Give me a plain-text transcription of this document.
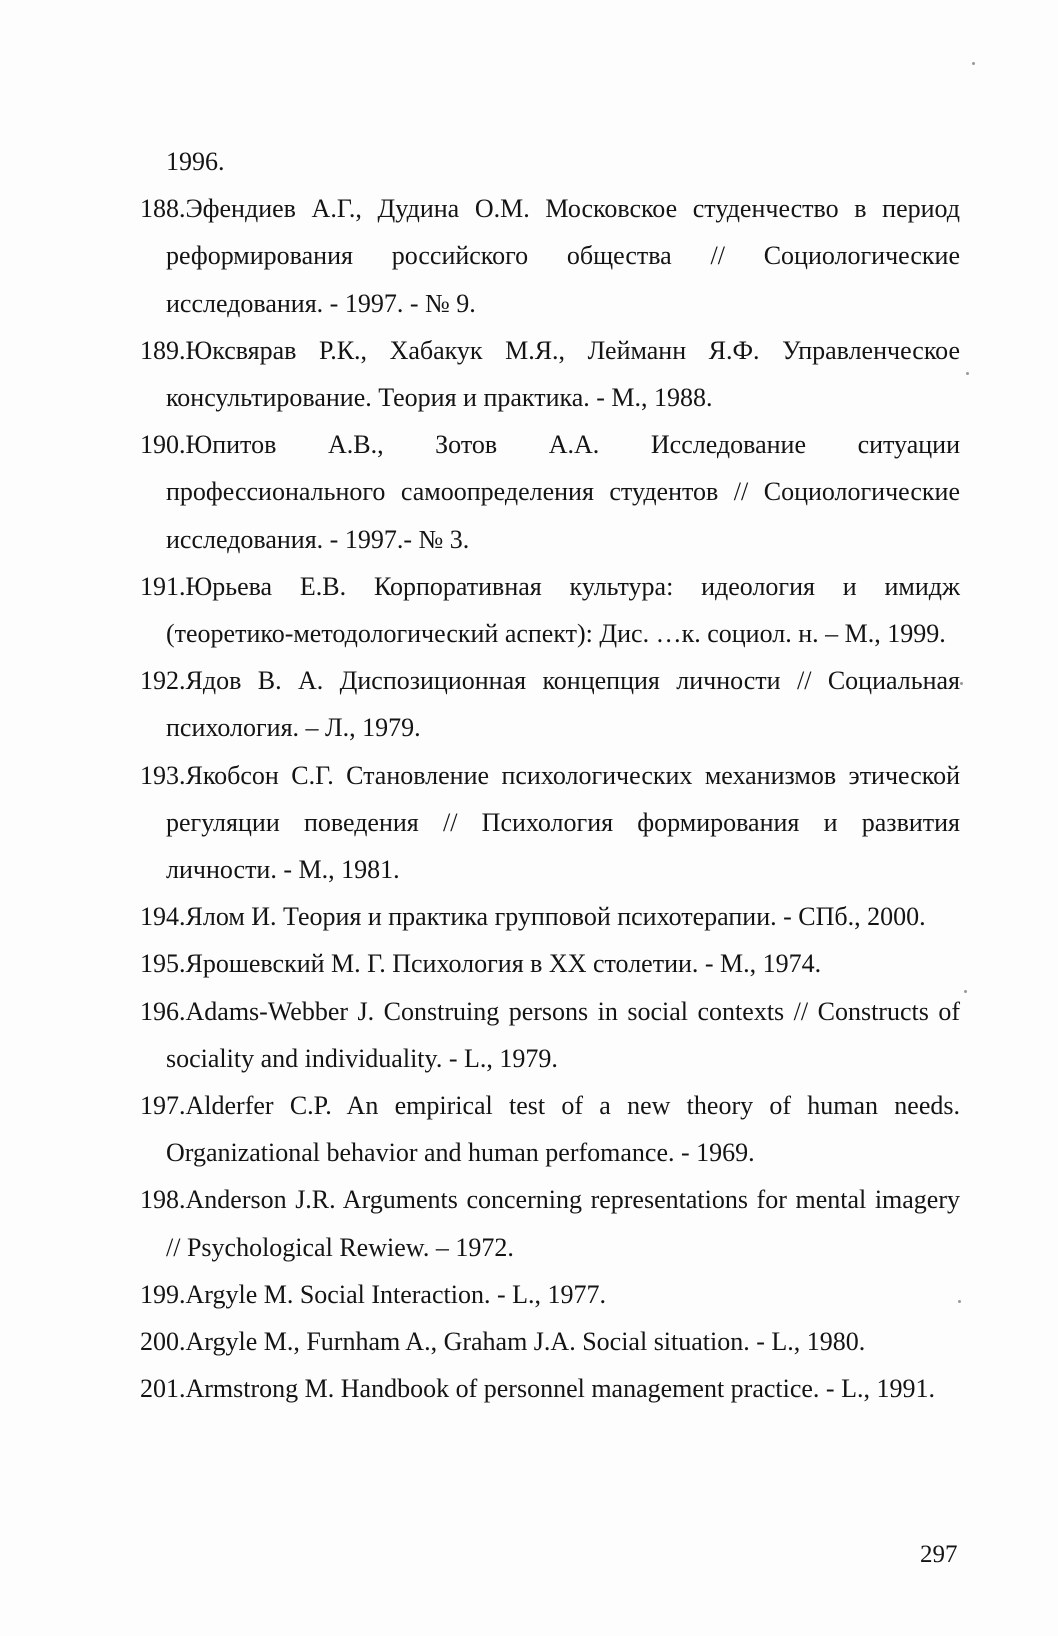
1996.
188.Эфендиев А.Г., Дудина О.М. Московское студенчество в период реформирования российского общества // Социологические исследования. - 1997. - № 9.
189.Юксвярав Р.К., Хабакук М.Я., Лейманн Я.Ф. Управленческое консультирование. Теория и практика. - М., 1988.
190.Юпитов А.В., Зотов А.А. Исследование ситуации профессионального самоопределения студентов // Социологические исследования. - 1997.- № 3.
191.Юрьева Е.В. Корпоративная культура: идеология и имидж (теоретико-методологический аспект): Дис. …к. социол. н. – М., 1999.
192.Ядов В. А. Диспозиционная концепция личности // Социальная психология. – Л., 1979.
193.Якобсон С.Г. Становление психологических механизмов этической регуляции поведения // Психология формирования и развития личности. - М., 1981.
194.Ялом И. Теория и практика групповой психотерапии. - СПб., 2000.
195.Ярошевский М. Г. Психология в XX столетии. - М., 1974.
196.Adams-Webber J. Construing persons in social contexts // Constructs of sociality and individuality. - L., 1979.
197.Alderfer C.P. An empirical test of a new theory of human needs. Organizational behavior and human perfomance. - 1969.
198.Anderson J.R. Arguments concerning representations for mental imagery // Psychological Rewiew. – 1972.
199.Argyle M. Social Interaction. - L., 1977.
200.Argyle M., Furnham A., Graham J.A. Social situation. - L., 1980.
201.Armstrong M. Handbook of personnel management practice. - L., 1991.
297
